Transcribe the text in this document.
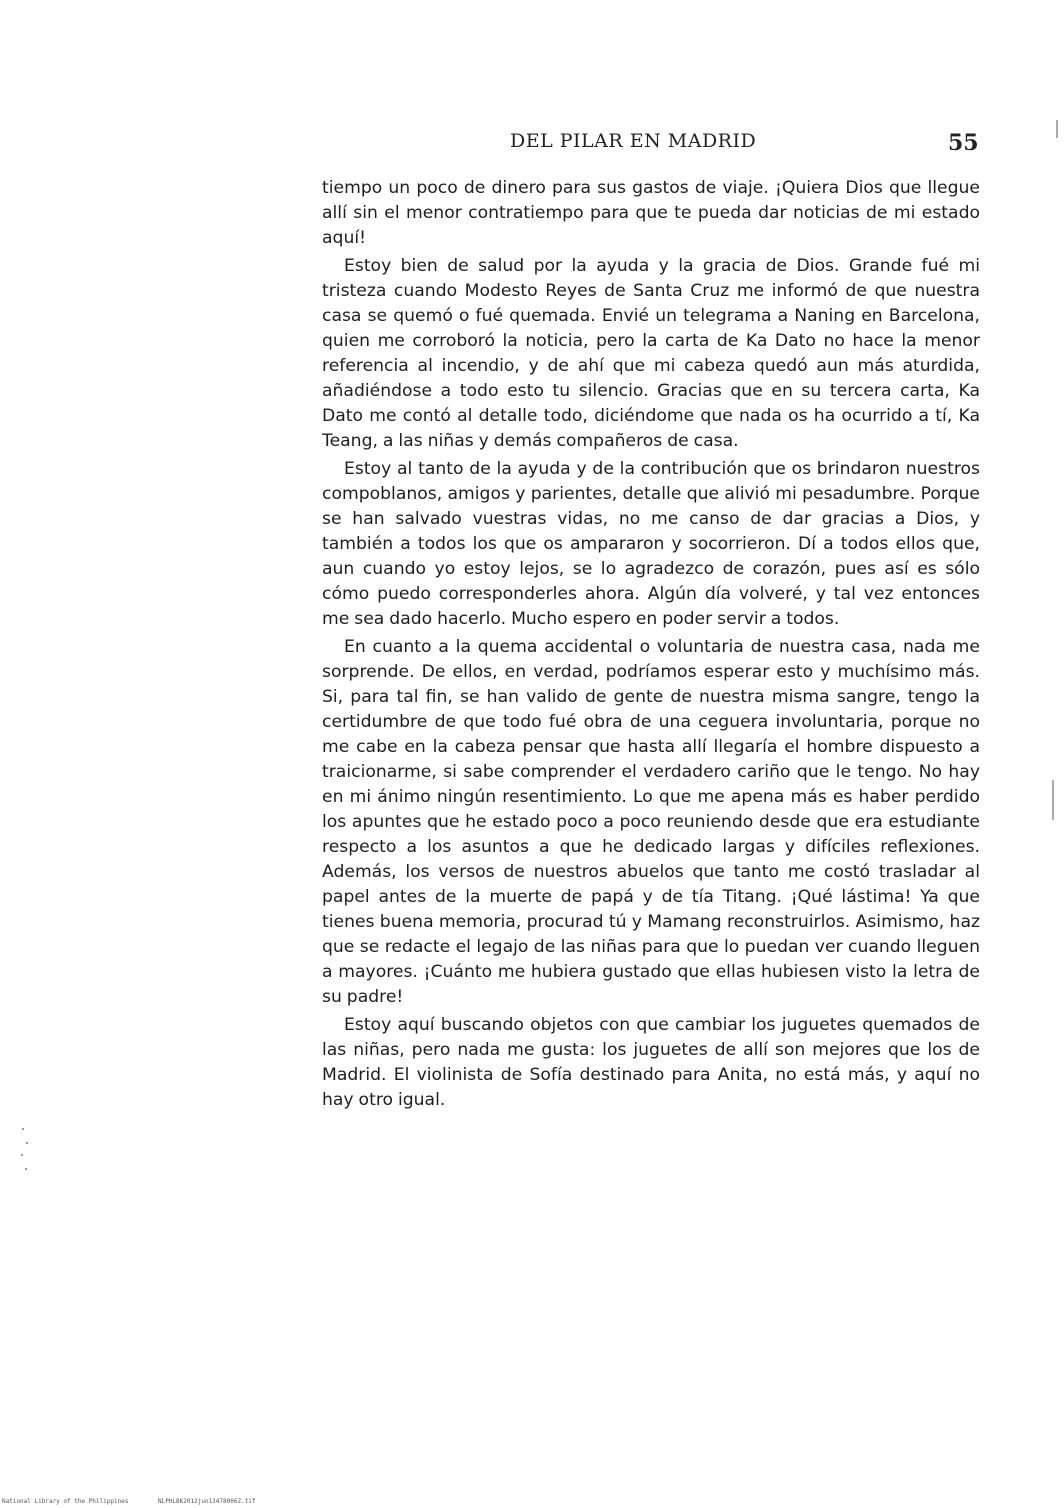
DEL PILAR EN MADRID	55

tiempo un poco de dinero para sus gastos de viaje. ¡Quiera Dios que llegue allí sin el menor contratiempo para que te pueda dar noticias de mi estado aquí!

Estoy bien de salud por la ayuda y la gracia de Dios. Grande fué mi tristeza cuando Modesto Reyes de Santa Cruz me informó de que nuestra casa se quemó o fué quemada. Envié un telegrama a Naning en Barcelona, quien me corroboró la noticia, pero la carta de Ka Dato no hace la menor referencia al incendio, y de ahí que mi cabeza quedó aun más aturdida, añadiéndose a todo esto tu silencio. Gracias que en su tercera carta, Ka Dato me contó al detalle todo, diciéndome que nada os ha ocurrido a tí, Ka Teang, a las niñas y demás compañeros de casa.

Estoy al tanto de la ayuda y de la contribución que os brindaron nuestros compoblanos, amigos y parientes, detalle que alivió mi pesadumbre. Porque se han salvado vuestras vidas, no me canso de dar gracias a Dios, y también a todos los que os ampararon y socorrieron. Dí a todos ellos que, aun cuando yo estoy lejos, se lo agradezco de corazón, pues así es sólo cómo puedo corresponderles ahora. Algún día volveré, y tal vez entonces me sea dado hacerlo. Mucho espero en poder servir a todos.

En cuanto a la quema accidental o voluntaria de nuestra casa, nada me sorprende. De ellos, en verdad, podríamos esperar esto y muchísimo más. Si, para tal fin, se han valido de gente de nuestra misma sangre, tengo la certidumbre de que todo fué obra de una ceguera involuntaria, porque no me cabe en la cabeza pensar que hasta allí llegaría el hombre dispuesto a traicionarme, si sabe comprender el verdadero cariño que le tengo. No hay en mi ánimo ningún resentimiento. Lo que me apena más es haber perdido los apuntes que he estado poco a poco reuniendo desde que era estudiante respecto a los asuntos a que he dedicado largas y difíciles reflexiones. Además, los versos de nuestros abuelos que tanto me costó trasladar al papel antes de la muerte de papá y de tía Titang. ¡Qué lástima! Ya que tienes buena memoria, procurad tú y Mamang reconstruirlos. Asimismo, haz que se redacte el legajo de las niñas para que lo puedan ver cuando lleguen a mayores. ¡Cuánto me hubiera gustado que ellas hubiesen visto la letra de su padre!

Estoy aquí buscando objetos con que cambiar los juguetes quemados de las niñas, pero nada me gusta: los juguetes de allí son mejores que los de Madrid. El violinista de Sofía destinado para Anita, no está más, y aquí no hay otro igual.

National Library of the Philippines	NLPHLBK2012jun13478006Z.tif
